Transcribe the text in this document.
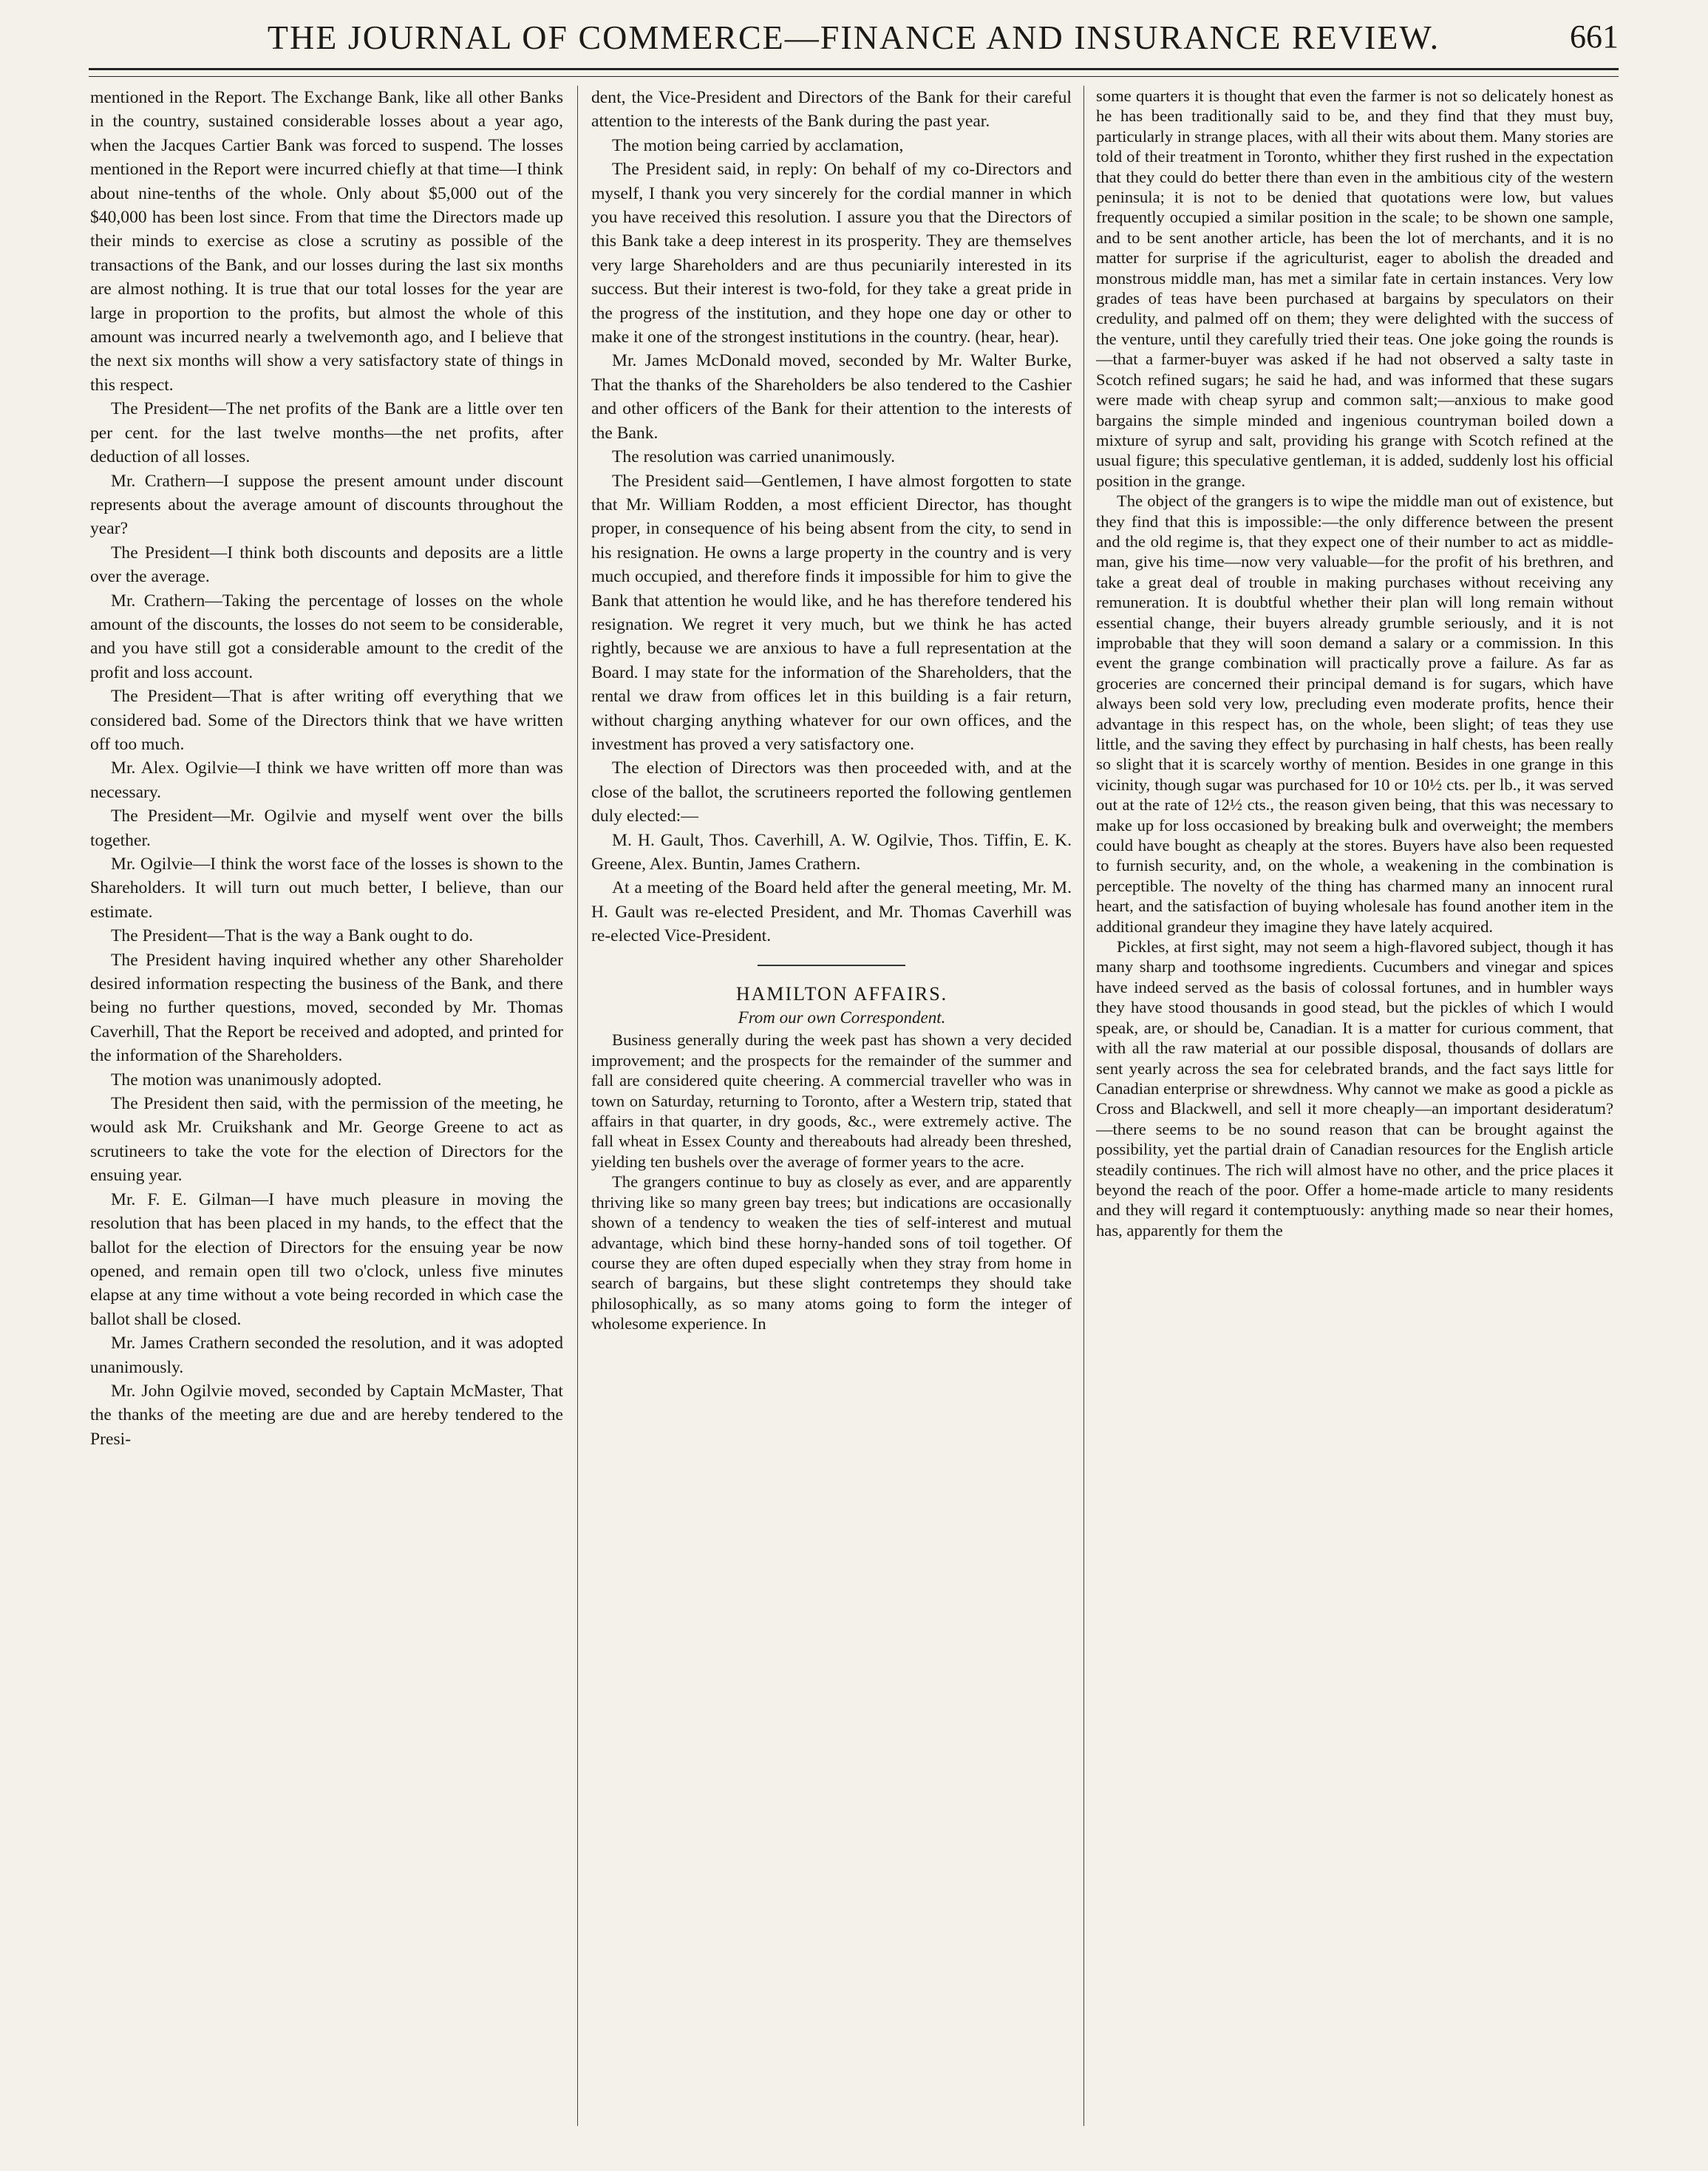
THE JOURNAL OF COMMERCE—FINANCE AND INSURANCE REVIEW.	661

mentioned in the Report. The Exchange Bank, like all other Banks in the country, sustained considerable losses about a year ago, when the Jacques Cartier Bank was forced to suspend. The losses mentioned in the Report were incurred chiefly at that time—I think about nine-tenths of the whole. Only about $5,000 out of the $40,000 has been lost since. From that time the Directors made up their minds to exercise as close a scrutiny as possible of the transactions of the Bank, and our losses during the last six months are almost nothing. It is true that our total losses for the year are large in proportion to the profits, but almost the whole of this amount was incurred nearly a twelvemonth ago, and I believe that the next six months will show a very satisfactory state of things in this respect.

The President—The net profits of the Bank are a little over ten per cent. for the last twelve months—the net profits, after deduction of all losses.

Mr. Crathern—I suppose the present amount under discount represents about the average amount of discounts throughout the year?

The President—I think both discounts and deposits are a little over the average.

Mr. Crathern—Taking the percentage of losses on the whole amount of the discounts, the losses do not seem to be considerable, and you have still got a considerable amount to the credit of the profit and loss account.

The President—That is after writing off everything that we considered bad. Some of the Directors think that we have written off too much.

Mr. Alex. Ogilvie—I think we have written off more than was necessary.

The President—Mr. Ogilvie and myself went over the bills together.

Mr. Ogilvie—I think the worst face of the losses is shown to the Shareholders. It will turn out much better, I believe, than our estimate.

The President—That is the way a Bank ought to do.

The President having inquired whether any other Shareholder desired information respecting the business of the Bank, and there being no further questions, moved, seconded by Mr. Thomas Caverhill, That the Report be received and adopted, and printed for the information of the Shareholders.

The motion was unanimously adopted.

The President then said, with the permission of the meeting, he would ask Mr. Cruikshank and Mr. George Greene to act as scrutineers to take the vote for the election of Directors for the ensuing year.

Mr. F. E. Gilman—I have much pleasure in moving the resolution that has been placed in my hands, to the effect that the ballot for the election of Directors for the ensuing year be now opened, and remain open till two o'clock, unless five minutes elapse at any time without a vote being recorded in which case the ballot shall be closed.

Mr. James Crathern seconded the resolution, and it was adopted unanimously.

Mr. John Ogilvie moved, seconded by Captain McMaster, That the thanks of the meeting are due and are hereby tendered to the Presi-

dent, the Vice-President and Directors of the Bank for their careful attention to the interests of the Bank during the past year.

The motion being carried by acclamation,

The President said, in reply: On behalf of my co-Directors and myself, I thank you very sincerely for the cordial manner in which you have received this resolution. I assure you that the Directors of this Bank take a deep interest in its prosperity. They are themselves very large Shareholders and are thus pecuniarily interested in its success. But their interest is two-fold, for they take a great pride in the progress of the institution, and they hope one day or other to make it one of the strongest institutions in the country. (hear, hear).

Mr. James McDonald moved, seconded by Mr. Walter Burke, That the thanks of the Shareholders be also tendered to the Cashier and other officers of the Bank for their attention to the interests of the Bank.

The resolution was carried unanimously.

The President said—Gentlemen, I have almost forgotten to state that Mr. William Rodden, a most efficient Director, has thought proper, in consequence of his being absent from the city, to send in his resignation. He owns a large property in the country and is very much occupied, and therefore finds it impossible for him to give the Bank that attention he would like, and he has therefore tendered his resignation. We regret it very much, but we think he has acted rightly, because we are anxious to have a full representation at the Board. I may state for the information of the Shareholders, that the rental we draw from offices let in this building is a fair return, without charging anything whatever for our own offices, and the investment has proved a very satisfactory one.

The election of Directors was then proceeded with, and at the close of the ballot, the scrutineers reported the following gentlemen duly elected:—

M. H. Gault, Thos. Caverhill, A. W. Ogilvie, Thos. Tiffin, E. K. Greene, Alex. Buntin, James Crathern.

At a meeting of the Board held after the general meeting, Mr. M. H. Gault was re-elected President, and Mr. Thomas Caverhill was re-elected Vice-President.

HAMILTON AFFAIRS.

From our own Correspondent.

Business generally during the week past has shown a very decided improvement; and the prospects for the remainder of the summer and fall are considered quite cheering. A commercial traveller who was in town on Saturday, returning to Toronto, after a Western trip, stated that affairs in that quarter, in dry goods, &c., were extremely active. The fall wheat in Essex County and thereabouts had already been threshed, yielding ten bushels over the average of former years to the acre.

The grangers continue to buy as closely as ever, and are apparently thriving like so many green bay trees; but indications are occasionally shown of a tendency to weaken the ties of self-interest and mutual advantage, which bind these horny-handed sons of toil together. Of course they are often duped especially when they stray from home in search of bargains, but these slight contretemps they should take philosophically, as so many atoms going to form the integer of wholesome experience. In

some quarters it is thought that even the farmer is not so delicately honest as he has been traditionally said to be, and they find that they must buy, particularly in strange places, with all their wits about them. Many stories are told of their treatment in Toronto, whither they first rushed in the expectation that they could do better there than even in the ambitious city of the western peninsula; it is not to be denied that quotations were low, but values frequently occupied a similar position in the scale; to be shown one sample, and to be sent another article, has been the lot of merchants, and it is no matter for surprise if the agriculturist, eager to abolish the dreaded and monstrous middle man, has met a similar fate in certain instances. Very low grades of teas have been purchased at bargains by speculators on their credulity, and palmed off on them; they were delighted with the success of the venture, until they carefully tried their teas. One joke going the rounds is—that a farmer-buyer was asked if he had not observed a salty taste in Scotch refined sugars; he said he had, and was informed that these sugars were made with cheap syrup and common salt;—anxious to make good bargains the simple minded and ingenious countryman boiled down a mixture of syrup and salt, providing his grange with Scotch refined at the usual figure; this speculative gentleman, it is added, suddenly lost his official position in the grange.

The object of the grangers is to wipe the middle man out of existence, but they find that this is impossible:—the only difference between the present and the old regime is, that they expect one of their number to act as middle-man, give his time—now very valuable—for the profit of his brethren, and take a great deal of trouble in making purchases without receiving any remuneration. It is doubtful whether their plan will long remain without essential change, their buyers already grumble seriously, and it is not improbable that they will soon demand a salary or a commission. In this event the grange combination will practically prove a failure. As far as groceries are concerned their principal demand is for sugars, which have always been sold very low, precluding even moderate profits, hence their advantage in this respect has, on the whole, been slight; of teas they use little, and the saving they effect by purchasing in half chests, has been really so slight that it is scarcely worthy of mention. Besides in one grange in this vicinity, though sugar was purchased for 10 or 10½ cts. per lb., it was served out at the rate of 12½ cts., the reason given being, that this was necessary to make up for loss occasioned by breaking bulk and overweight; the members could have bought as cheaply at the stores. Buyers have also been requested to furnish security, and, on the whole, a weakening in the combination is perceptible. The novelty of the thing has charmed many an innocent rural heart, and the satisfaction of buying wholesale has found another item in the additional grandeur they imagine they have lately acquired.

Pickles, at first sight, may not seem a high-flavored subject, though it has many sharp and toothsome ingredients. Cucumbers and vinegar and spices have indeed served as the basis of colossal fortunes, and in humbler ways they have stood thousands in good stead, but the pickles of which I would speak, are, or should be, Canadian. It is a matter for curious comment, that with all the raw material at our possible disposal, thousands of dollars are sent yearly across the sea for celebrated brands, and the fact says little for Canadian enterprise or shrewdness. Why cannot we make as good a pickle as Cross and Blackwell, and sell it more cheaply—an important desideratum?—there seems to be no sound reason that can be brought against the possibility, yet the partial drain of Canadian resources for the English article steadily continues. The rich will almost have no other, and the price places it beyond the reach of the poor. Offer a home-made article to many residents and they will regard it contemptuously: anything made so near their homes, has, apparently for them the
